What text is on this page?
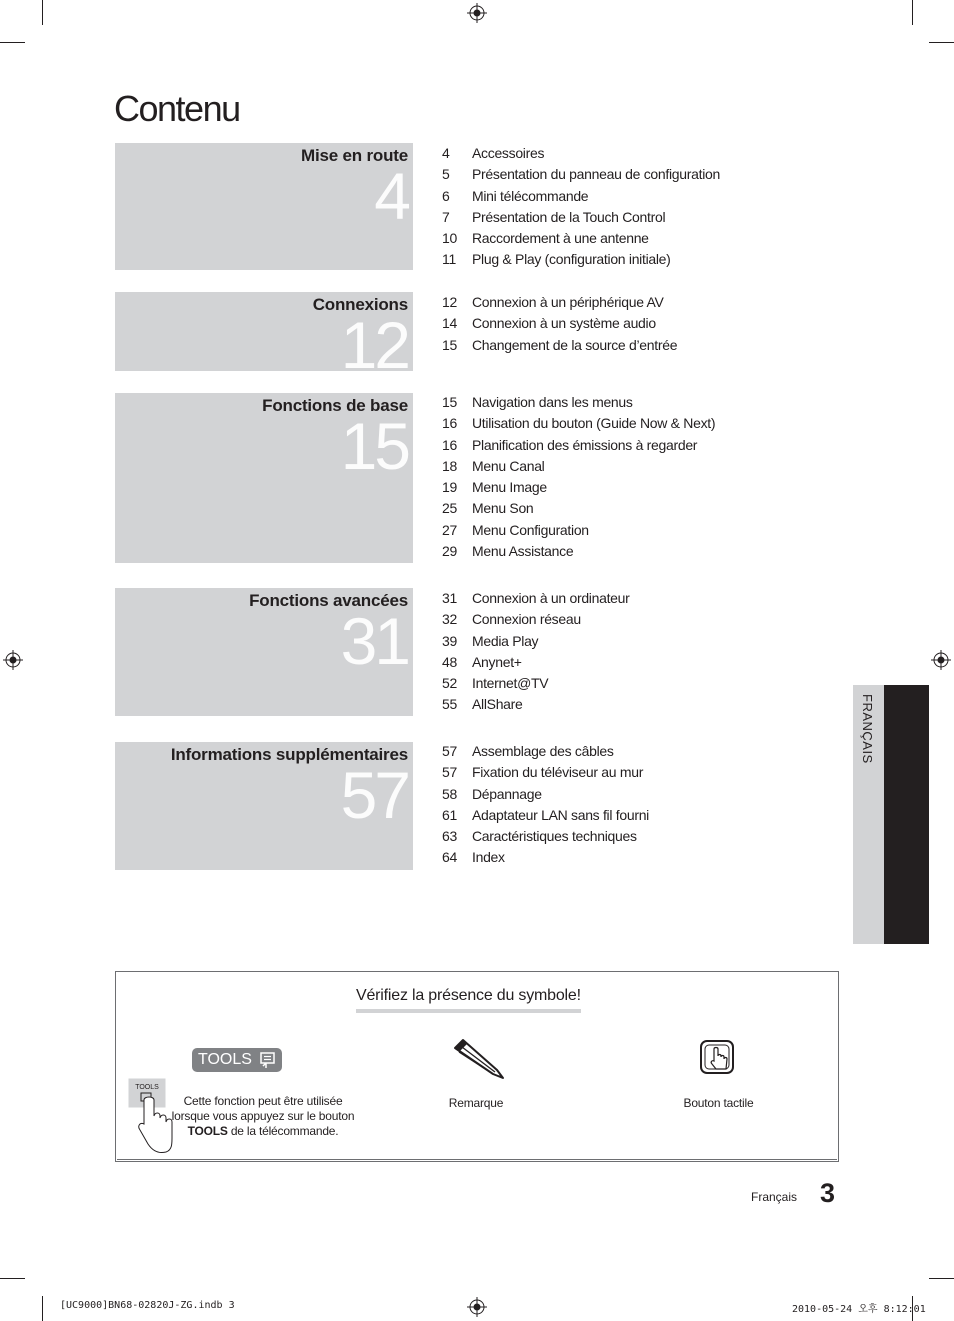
Contenu
Mise en route
4
Connexions
12
Fonctions de base
15
Fonctions avancées
31
Informations supplémentaires
57
4	Accessoires
5	Présentation du panneau de configuration
6	Mini télécommande
7	Présentation de la Touch Control
10	Raccordement à une antenne
11	Plug & Play (configuration initiale)
12	Connexion à un périphérique AV
14	Connexion à un système audio
15	Changement de la source d’entrée
15	Navigation dans les menus
16	Utilisation du bouton (Guide Now & Next)
16	Planification des émissions à regarder
18	Menu Canal
19	Menu Image
25	Menu Son
27	Menu Configuration
29	Menu Assistance
31	Connexion à un ordinateur
32	Connexion réseau
39	Media Play
48	Anynet+
52	Internet@TV
55	AllShare
57	Assemblage des câbles
57	Fixation du téléviseur au mur
58	Dépannage
61	Adaptateur LAN sans fil fourni
63	Caractéristiques techniques
64	Index
FRANÇAIS
Vérifiez la présence du symbole!
TOOLS
TOOLS
Cette fonction peut être utilisée
lorsque vous appuyez sur le bouton
TOOLS de la télécommande.
Remarque	Bouton tactile
Français 3
[UC9000]BN68-02820J-ZG.indb 3	2010-05-24 오후 8:12:01
